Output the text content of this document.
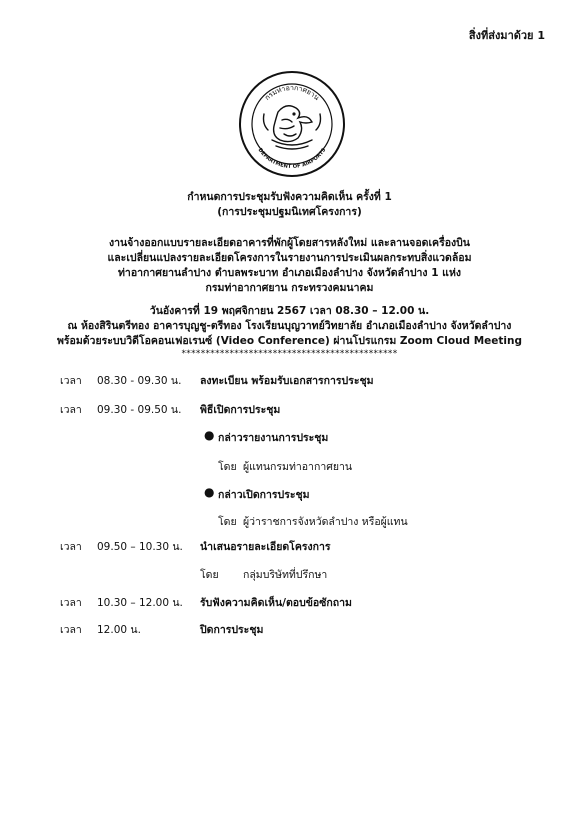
สิ่งที่ส่งมาด้วย 1
กรมท่าอากาศยาน
DEPARTMENT OF AIRPORTS
กำหนดการประชุมรับฟังความคิดเห็น ครั้งที่ 1
(การประชุมปฐมนิเทศโครงการ)
งานจ้างออกแบบรายละเอียดอาคารที่พักผู้โดยสารหลังใหม่ และลานจอดเครื่องบิน
และเปลี่ยนแปลงรายละเอียดโครงการในรายงานการประเมินผลกระทบสิ่งแวดล้อม
ท่าอากาศยานลำปาง ตำบลพระบาท อำเภอเมืองลำปาง จังหวัดลำปาง 1 แห่ง
กรมท่าอากาศยาน กระทรวงคมนาคม
วันอังคารที่ 19 พฤศจิกายน 2567 เวลา 08.30 – 12.00 น.
ณ ห้องสิรินตรีทอง อาคารบุญชู-ตรีทอง โรงเรียนบุญวาทย์วิทยาลัย อำเภอเมืองลำปาง จังหวัดลำปาง
พร้อมด้วยระบบวิดีโอคอนเฟอเรนซ์ (Video Conference) ผ่านโปรแกรม Zoom Cloud Meeting
*********************************************
เวลา 08.30 - 09.30 น. ลงทะเบียน พร้อมรับเอกสารการประชุม
เวลา 09.30 - 09.50 น. พิธีเปิดการประชุม
● กล่าวรายงานการประชุม
โดย ผู้แทนกรมท่าอากาศยาน
● กล่าวเปิดการประชุม
โดย ผู้ว่าราชการจังหวัดลำปาง หรือผู้แทน
เวลา 09.50 – 10.30 น. นำเสนอรายละเอียดโครงการ
โดย กลุ่มบริษัทที่ปรึกษา
เวลา 10.30 – 12.00 น. รับฟังความคิดเห็น/ตอบข้อซักถาม
เวลา 12.00 น.	ปิดการประชุม
